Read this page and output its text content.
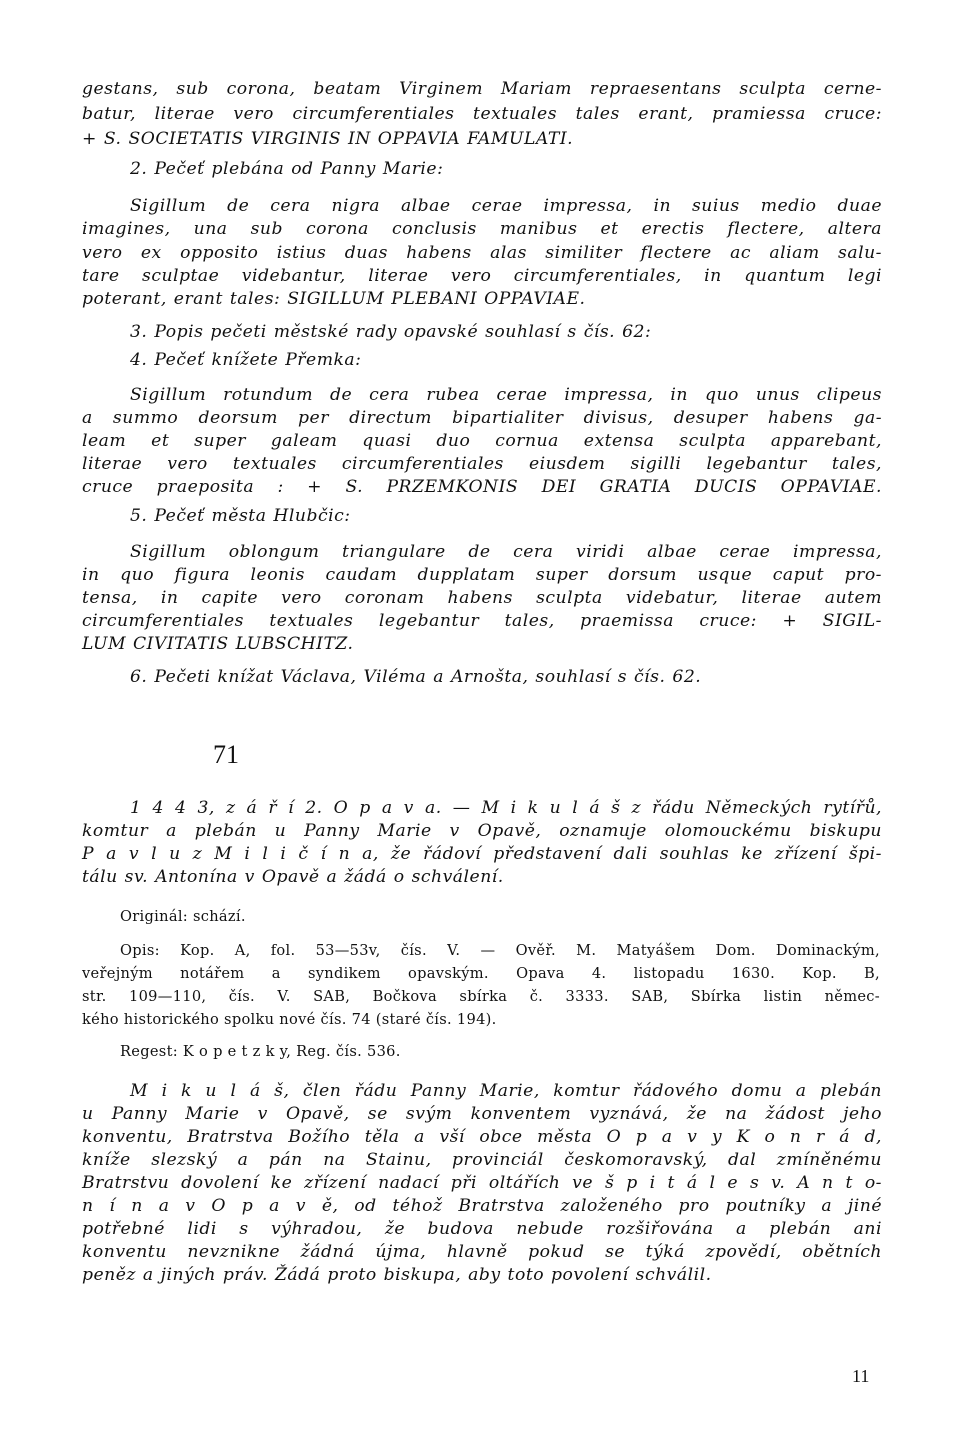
gestans, sub corona, beatam Virginem Mariam repraesentans sculpta cerne-
batur, literae vero circumferentiales textuales tales erant, pramiessa cruce:
+ S. SOCIETATIS VIRGINIS IN OPPAVIA FAMULATI.
2. Pečeť plebána od Panny Marie:
Sigillum de cera nigra albae cerae impressa, in suius medio duae
imagines, una sub corona conclusis manibus et erectis flectere, altera
vero ex opposito istius duas habens alas similiter flectere ac aliam salu-
tare sculptae videbantur, literae vero circumferentiales, in quantum legi
poterant, erant tales: SIGILLUM PLEBANI OPPAVIAE.
3. Popis pečeti městské rady opavské souhlasí s čís. 62:
4. Pečeť knížete Přemka:
Sigillum rotundum de cera rubea cerae impressa, in quo unus clipeus
a summo deorsum per directum bipartialiter divisus, desuper habens ga-
leam et super galeam quasi duo cornua extensa sculpta apparebant,
literae vero textuales circumferentiales eiusdem sigilli legebantur tales,
cruce praeposita : + S. PRZEMKONIS DEI GRATIA DUCIS OPPAVIAE.
5. Pečeť města Hlubčic:
Sigillum oblongum triangulare de cera viridi albae cerae impressa,
in quo figura leonis caudam dupplatam super dorsum usque caput pro-
tensa, in capite vero coronam habens sculpta videbatur, literae autem
circumferentiales textuales legebantur tales, praemissa cruce: + SIGIL-
LUM CIVITATIS LUBSCHITZ.
6. Pečeti knížat Václava, Viléma a Arnošta, souhlasí s čís. 62.
71
1 4 4 3, z á ř í 2. O p a v a. — M i k u l á š z řádu Německých rytířů,
komtur a plebán u Panny Marie v Opavě, oznamuje olomouckému biskupu
P a v l u z M i l i č í n a, že řádoví představení dali souhlas ke zřízení špi-
tálu sv. Antonína v Opavě a žádá o schválení.
Originál: schází.
Opis: Kop. A, fol. 53—53v, čís. V. — Ověř. M. Matyášem Dom. Dominackým,
veřejným notářem a syndikem opavským. Opava 4. listopadu 1630. Kop. B,
str. 109—110, čís. V. SAB, Bočkova sbírka č. 3333. SAB, Sbírka listin němec-
kého historického spolku nové čís. 74 (staré čís. 194).
Regest: K o p e t z k y, Reg. čís. 536.
M i k u l á š, člen řádu Panny Marie, komtur řádového domu a plebán
u Panny Marie v Opavě, se svým konventem vyznává, že na žádost jeho
konventu, Bratrstva Božího těla a vší obce města O p a v y K o n r á d,
kníže slezský a pán na Stainu, provinciál českomoravský, dal zmíněnému
Bratrstvu dovolení ke zřízení nadací při oltářích ve š p i t á l e s v. A n t o-
n í n a v O p a v ě, od téhož Bratrstva založeného pro poutníky a jiné
potřebné lidi s výhradou, že budova nebude rozšiřována a plebán ani
konventu nevznikne žádná újma, hlavně pokud se týká zpovědí, obětních
peněz a jiných práv. Žádá proto biskupa, aby toto povolení schválil.
11
